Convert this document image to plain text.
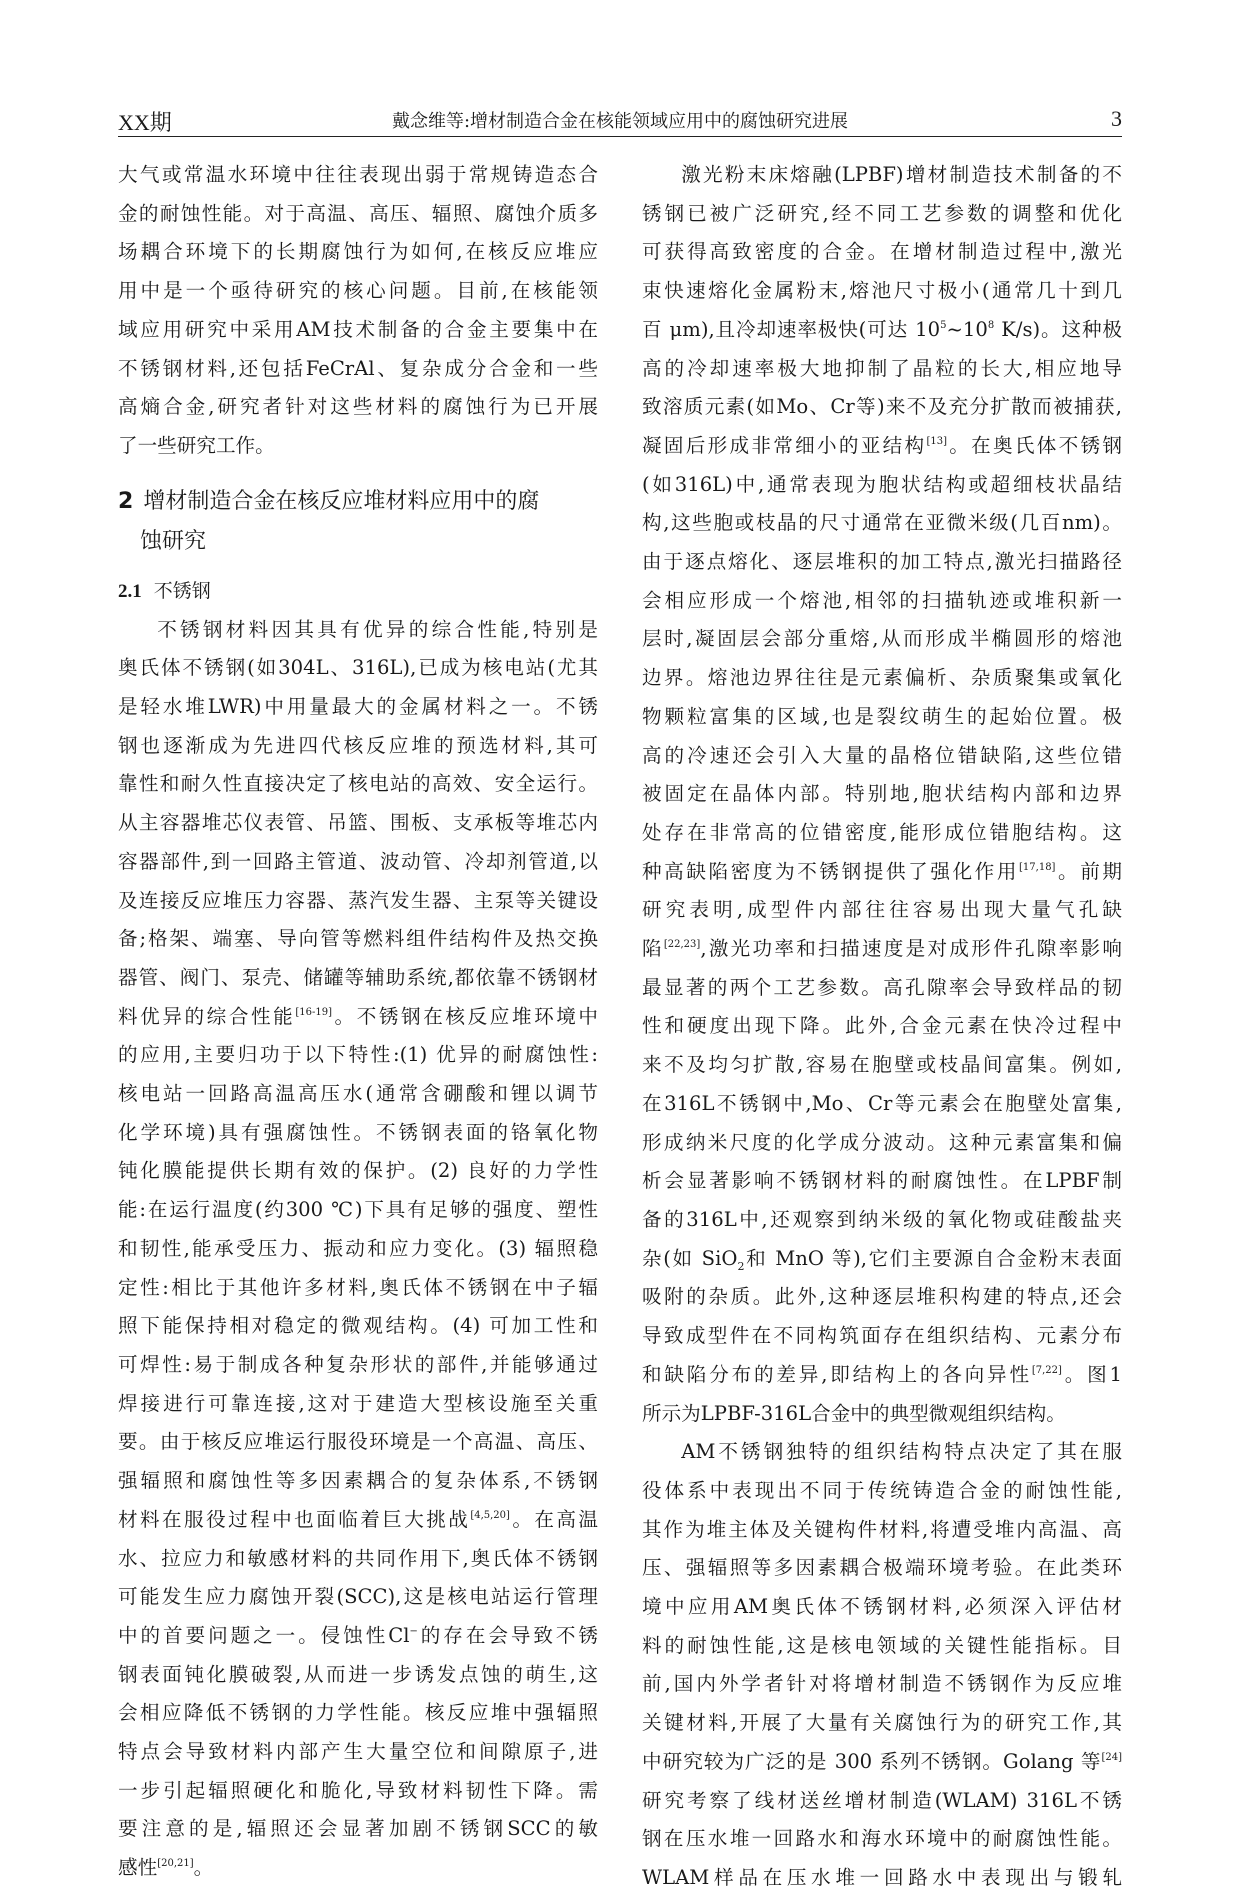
XX期	戴念维等:增材制造合金在核能领域应用中的腐蚀研究进展	3

大气或常温水环境中往往表现出弱于常规铸造态合
金的耐蚀性能。对于高温、高压、辐照、腐蚀介质多
场耦合环境下的长期腐蚀行为如何,在核反应堆应
用中是一个亟待研究的核心问题。目前,在核能领
域应用研究中采用AM技术制备的合金主要集中在
不锈钢材料,还包括FeCrAl、复杂成分合金和一些
高熵合金,研究者针对这些材料的腐蚀行为已开展
了一些研究工作。

2 增材制造合金在核反应堆材料应用中的腐
蚀研究
2.1 不锈钢

不锈钢材料因其具有优异的综合性能,特别是
奥氏体不锈钢(如304L、316L),已成为核电站(尤其
是轻水堆LWR)中用量最大的金属材料之一。不锈
钢也逐渐成为先进四代核反应堆的预选材料,其可
靠性和耐久性直接决定了核电站的高效、安全运行。
从主容器堆芯仪表管、吊篮、围板、支承板等堆芯内
容器部件,到一回路主管道、波动管、冷却剂管道,以
及连接反应堆压力容器、蒸汽发生器、主泵等关键设
备;格架、端塞、导向管等燃料组件结构件及热交换
器管、阀门、泵壳、储罐等辅助系统,都依靠不锈钢材
料优异的综合性能[16-19]。不锈钢在核反应堆环境中
的应用,主要归功于以下特性:(1) 优异的耐腐蚀性:
核电站一回路高温高压水(通常含硼酸和锂以调节
化学环境)具有强腐蚀性。不锈钢表面的铬氧化物
钝化膜能提供长期有效的保护。(2) 良好的力学性
能:在运行温度(约300 ℃)下具有足够的强度、塑性
和韧性,能承受压力、振动和应力变化。(3) 辐照稳
定性:相比于其他许多材料,奥氏体不锈钢在中子辐
照下能保持相对稳定的微观结构。(4) 可加工性和
可焊性:易于制成各种复杂形状的部件,并能够通过
焊接进行可靠连接,这对于建造大型核设施至关重
要。由于核反应堆运行服役环境是一个高温、高压、
强辐照和腐蚀性等多因素耦合的复杂体系,不锈钢
材料在服役过程中也面临着巨大挑战[4,5,20]。在高温
水、拉应力和敏感材料的共同作用下,奥氏体不锈钢
可能发生应力腐蚀开裂(SCC),这是核电站运行管理
中的首要问题之一。侵蚀性Cl−的存在会导致不锈
钢表面钝化膜破裂,从而进一步诱发点蚀的萌生,这
会相应降低不锈钢的力学性能。核反应堆中强辐照
特点会导致材料内部产生大量空位和间隙原子,进
一步引起辐照硬化和脆化,导致材料韧性下降。需
要注意的是,辐照还会显著加剧不锈钢SCC的敏
感性[20,21]。

激光粉末床熔融(LPBF)增材制造技术制备的不
锈钢已被广泛研究,经不同工艺参数的调整和优化
可获得高致密度的合金。在增材制造过程中,激光
束快速熔化金属粉末,熔池尺寸极小(通常几十到几
百 μm),且冷却速率极快(可达 $10^5\sim 10^8$ K/s)。这种极
高的冷却速率极大地抑制了晶粒的长大,相应地导
致溶质元素(如Mo、Cr等)来不及充分扩散而被捕获,
凝固后形成非常细小的亚结构[13]。在奥氏体不锈钢
(如316L)中,通常表现为胞状结构或超细枝状晶结
构,这些胞或枝晶的尺寸通常在亚微米级(几百nm)。
由于逐点熔化、逐层堆积的加工特点,激光扫描路径
会相应形成一个熔池,相邻的扫描轨迹或堆积新一
层时,凝固层会部分重熔,从而形成半椭圆形的熔池
边界。熔池边界往往是元素偏析、杂质聚集或氧化
物颗粒富集的区域,也是裂纹萌生的起始位置。极
高的冷速还会引入大量的晶格位错缺陷,这些位错
被固定在晶体内部。特别地,胞状结构内部和边界
处存在非常高的位错密度,能形成位错胞结构。这
种高缺陷密度为不锈钢提供了强化作用[17,18]。前期
研究表明,成型件内部往往容易出现大量气孔缺
陷[22,23],激光功率和扫描速度是对成形件孔隙率影响
最显著的两个工艺参数。高孔隙率会导致样品的韧
性和硬度出现下降。此外,合金元素在快冷过程中
来不及均匀扩散,容易在胞壁或枝晶间富集。例如,
在316L不锈钢中,Mo、Cr等元素会在胞壁处富集,
形成纳米尺度的化学成分波动。这种元素富集和偏
析会显著影响不锈钢材料的耐腐蚀性。在LPBF制
备的316L中,还观察到纳米级的氧化物或硅酸盐夹
杂(如 SiO$_2$和 MnO 等),它们主要源自合金粉末表面
吸附的杂质。此外,这种逐层堆积构建的特点,还会
导致成型件在不同构筑面存在组织结构、元素分布
和缺陷分布的差异,即结构上的各向异性[7,22]。图1
所示为LPBF-316L合金中的典型微观组织结构。

AM不锈钢独特的组织结构特点决定了其在服
役体系中表现出不同于传统铸造合金的耐蚀性能,
其作为堆主体及关键构件材料,将遭受堆内高温、高
压、强辐照等多因素耦合极端环境考验。在此类环
境中应用AM奥氏体不锈钢材料,必须深入评估材
料的耐蚀性能,这是核电领域的关键性能指标。目
前,国内外学者针对将增材制造不锈钢作为反应堆
关键材料,开展了大量有关腐蚀行为的研究工作,其
中研究较为广泛的是 300 系列不锈钢。Golang 等[24]
研究考察了线材送丝增材制造(WLAM) 316L不锈
钢在压水堆一回路水和海水环境中的耐腐蚀性能。
WLAM样品在压水堆一回路水中表现出与锻轧
